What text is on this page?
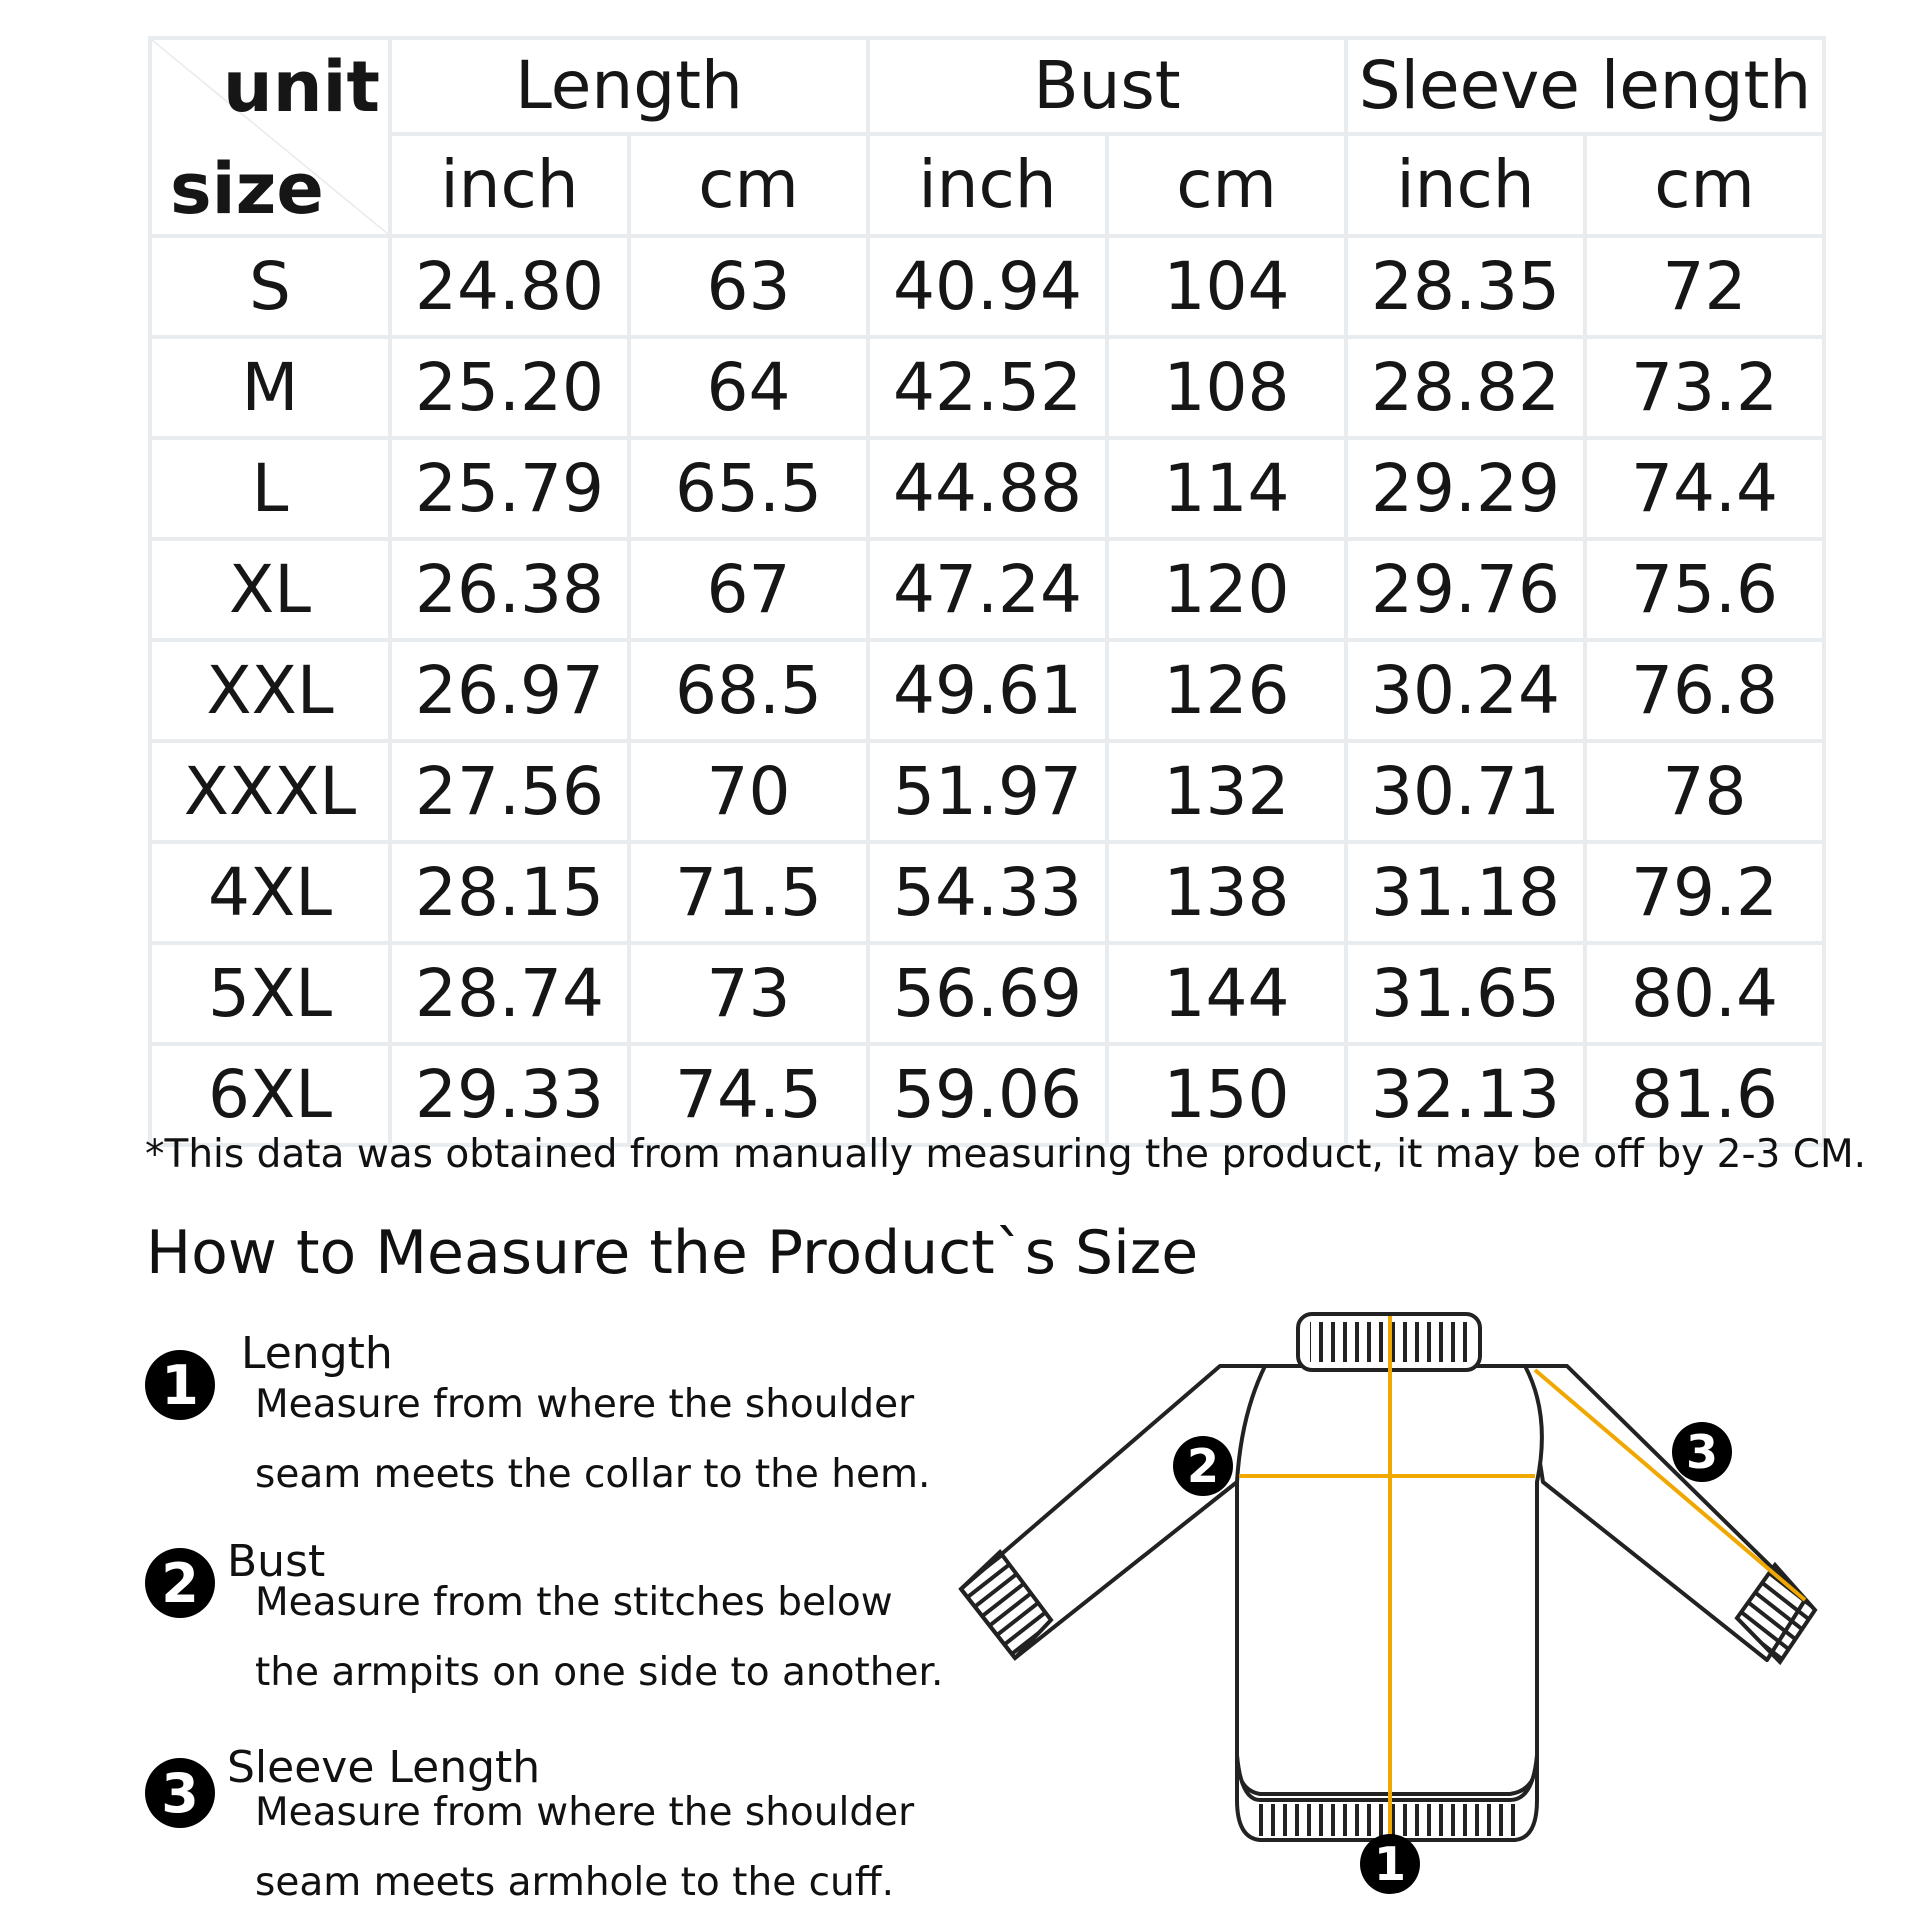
unit
size	Length		Bust		Sleeve length	
	inch	cm	inch	cm	inch	cm
S	24.80	63	40.94	104	28.35	72
M	25.20	64	42.52	108	28.82	73.2
L	25.79	65.5	44.88	114	29.29	74.4
XL	26.38	67	47.24	120	29.76	75.6
XXL	26.97	68.5	49.61	126	30.24	76.8
XXXL	27.56	70	51.97	132	30.71	78
4XL	28.15	71.5	54.33	138	31.18	79.2
5XL	28.74	73	56.69	144	31.65	80.4
6XL	29.33	74.5	59.06	150	32.13	81.6
*This data was obtained from manually measuring the product, it may be off by 2-3 CM.
How to Measure the Product`s Size
1 Length
Measure from where the shoulder
seam meets the collar to the hem.
2 Bust
Measure from the stitches below
the armpits on one side to another.
3 Sleeve Length
Measure from where the shoulder
seam meets armhole to the cuff.	1
2	3
